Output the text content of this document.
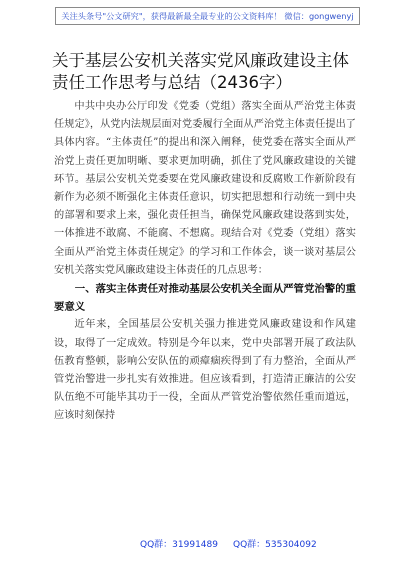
关注头条号"公文研究"，获得最新最全最专业的公文资料库！ 微信：gongwenyj
关于基层公安机关落实党风廉政建设主体责任工作思考与总结（2436字）

中共中央办公厅印发《党委（党组）落实全面从严治党主体责任规定》，从党内法规层面对党委履行全面从严治党主体责任提出了具体内容。“主体责任”的提出和深入阐释，使党委在落实全面从严治党上责任更加明晰、要求更加明确，抓住了党风廉政建设的关键环节。基层公安机关党委要在党风廉政建设和反腐败工作新阶段有新作为必须不断强化主体责任意识，切实把思想和行动统一到中央的部署和要求上来，强化责任担当，确保党风廉政建设落到实处，一体推进不敢腐、不能腐、不想腐。现结合对《党委（党组）落实全面从严治党主体责任规定》的学习和工作体会，谈一谈对基层公安机关落实党风廉政建设主体责任的几点思考：

一、落实主体责任对推动基层公安机关全面从严管党治警的重要意义

近年来，全国基层公安机关强力推进党风廉政建设和作风建设，取得了一定成效。特别是今年以来，党中央部署开展了政法队伍教育整顿，影响公安队伍的顽瘴痼疾得到了有力整治，全面从严管党治警进一步扎实有效推进。但应该看到，打造清正廉洁的公安队伍绝不可能毕其功于一役，全面从严管党治警依然任重而道远，应该时刻保持

QQ群：31991489 QQ群：535304092
